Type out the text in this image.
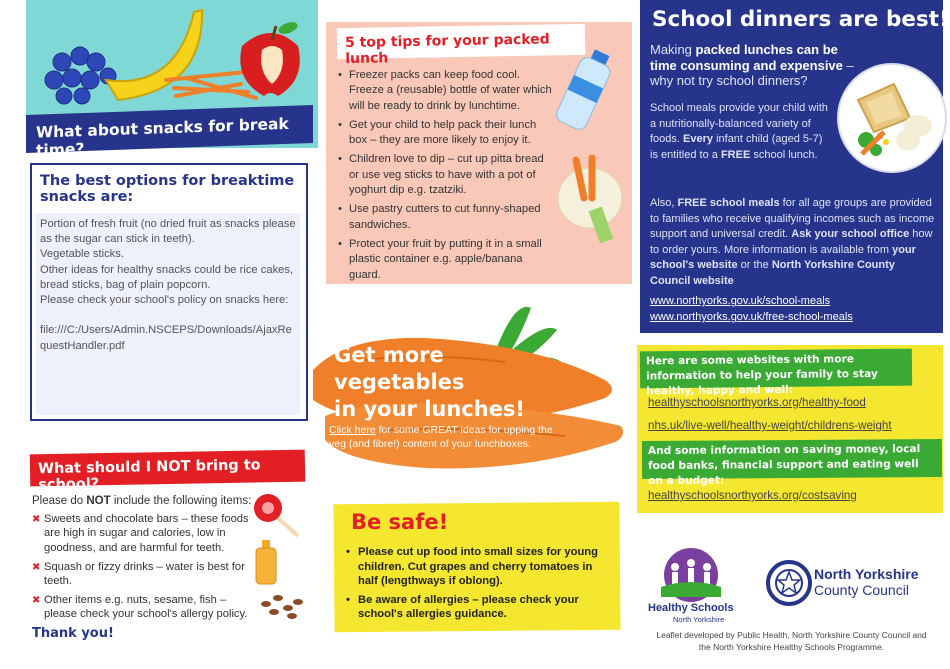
What about snacks for break time?
The best options for breaktime snacks are:
Portion of fresh fruit (no dried fruit as snacks please as the sugar can stick in teeth).
Vegetable sticks.
Other ideas for healthy snacks could be rice cakes, bread sticks, bag of plain popcorn.
Please check your school's policy on snacks here:

file:///C:/Users/Admin.NSCEPS/Downloads/AjaxRe questHandler.pdf
What should I NOT bring to school?
Please do NOT include the following items:
✖ Sweets and chocolate bars – these foods are high in sugar and calories, low in goodness, and are harmful for teeth.
✖ Squash or fizzy drinks – water is best for teeth.
✖ Other items e.g. nuts, sesame, fish – please check your school's allergy policy.
Thank you!
5 top tips for your packed lunch
• Freezer packs can keep food cool. Freeze a (reusable) bottle of water which will be ready to drink by lunchtime.
• Get your child to help pack their lunch box – they are more likely to enjoy it.
• Children love to dip – cut up pitta bread or use veg sticks to have with a pot of yoghurt dip e.g. tzatziki.
• Use pastry cutters to cut funny-shaped sandwiches.
• Protect your fruit by putting it in a small plastic container e.g. apple/banana guard.
Get more
vegetables
in your lunches!
Click here for some GREAT ideas for upping the veg (and fibre!) content of your lunchboxes.
Be safe!
• Please cut up food into small sizes for young children. Cut grapes and cherry tomatoes in half (lengthways if oblong).
• Be aware of allergies – please check your school's allergies guidance.
School dinners are best!
Making packed lunches can be time consuming and expensive – why not try school dinners?
School meals provide your child with a nutritionally-balanced variety of foods. Every infant child (aged 5-7) is entitled to a FREE school lunch.
Also, FREE school meals for all age groups are provided to families who receive qualifying incomes such as income support and universal credit. Ask your school office how to order yours. More information is available from your school's website or the North Yorkshire County Council website
www.northyorks.gov.uk/school-meals
www.northyorks.gov.uk/free-school-meals
Here are some websites with more information to help your family to stay healthy, happy and well:
healthyschoolsnorthyorks.org/healthy-food
nhs.uk/live-well/healthy-weight/childrens-weight
And some information on saving money, local food banks, financial support and eating well on a budget:
healthyschoolsnorthyorks.org/costsaving
Healthy Schools
North Yorkshire
North Yorkshire
County Council
Leaflet developed by Public Health, North Yorkshire County Council and the North Yorkshire Healthy Schools Programme.
